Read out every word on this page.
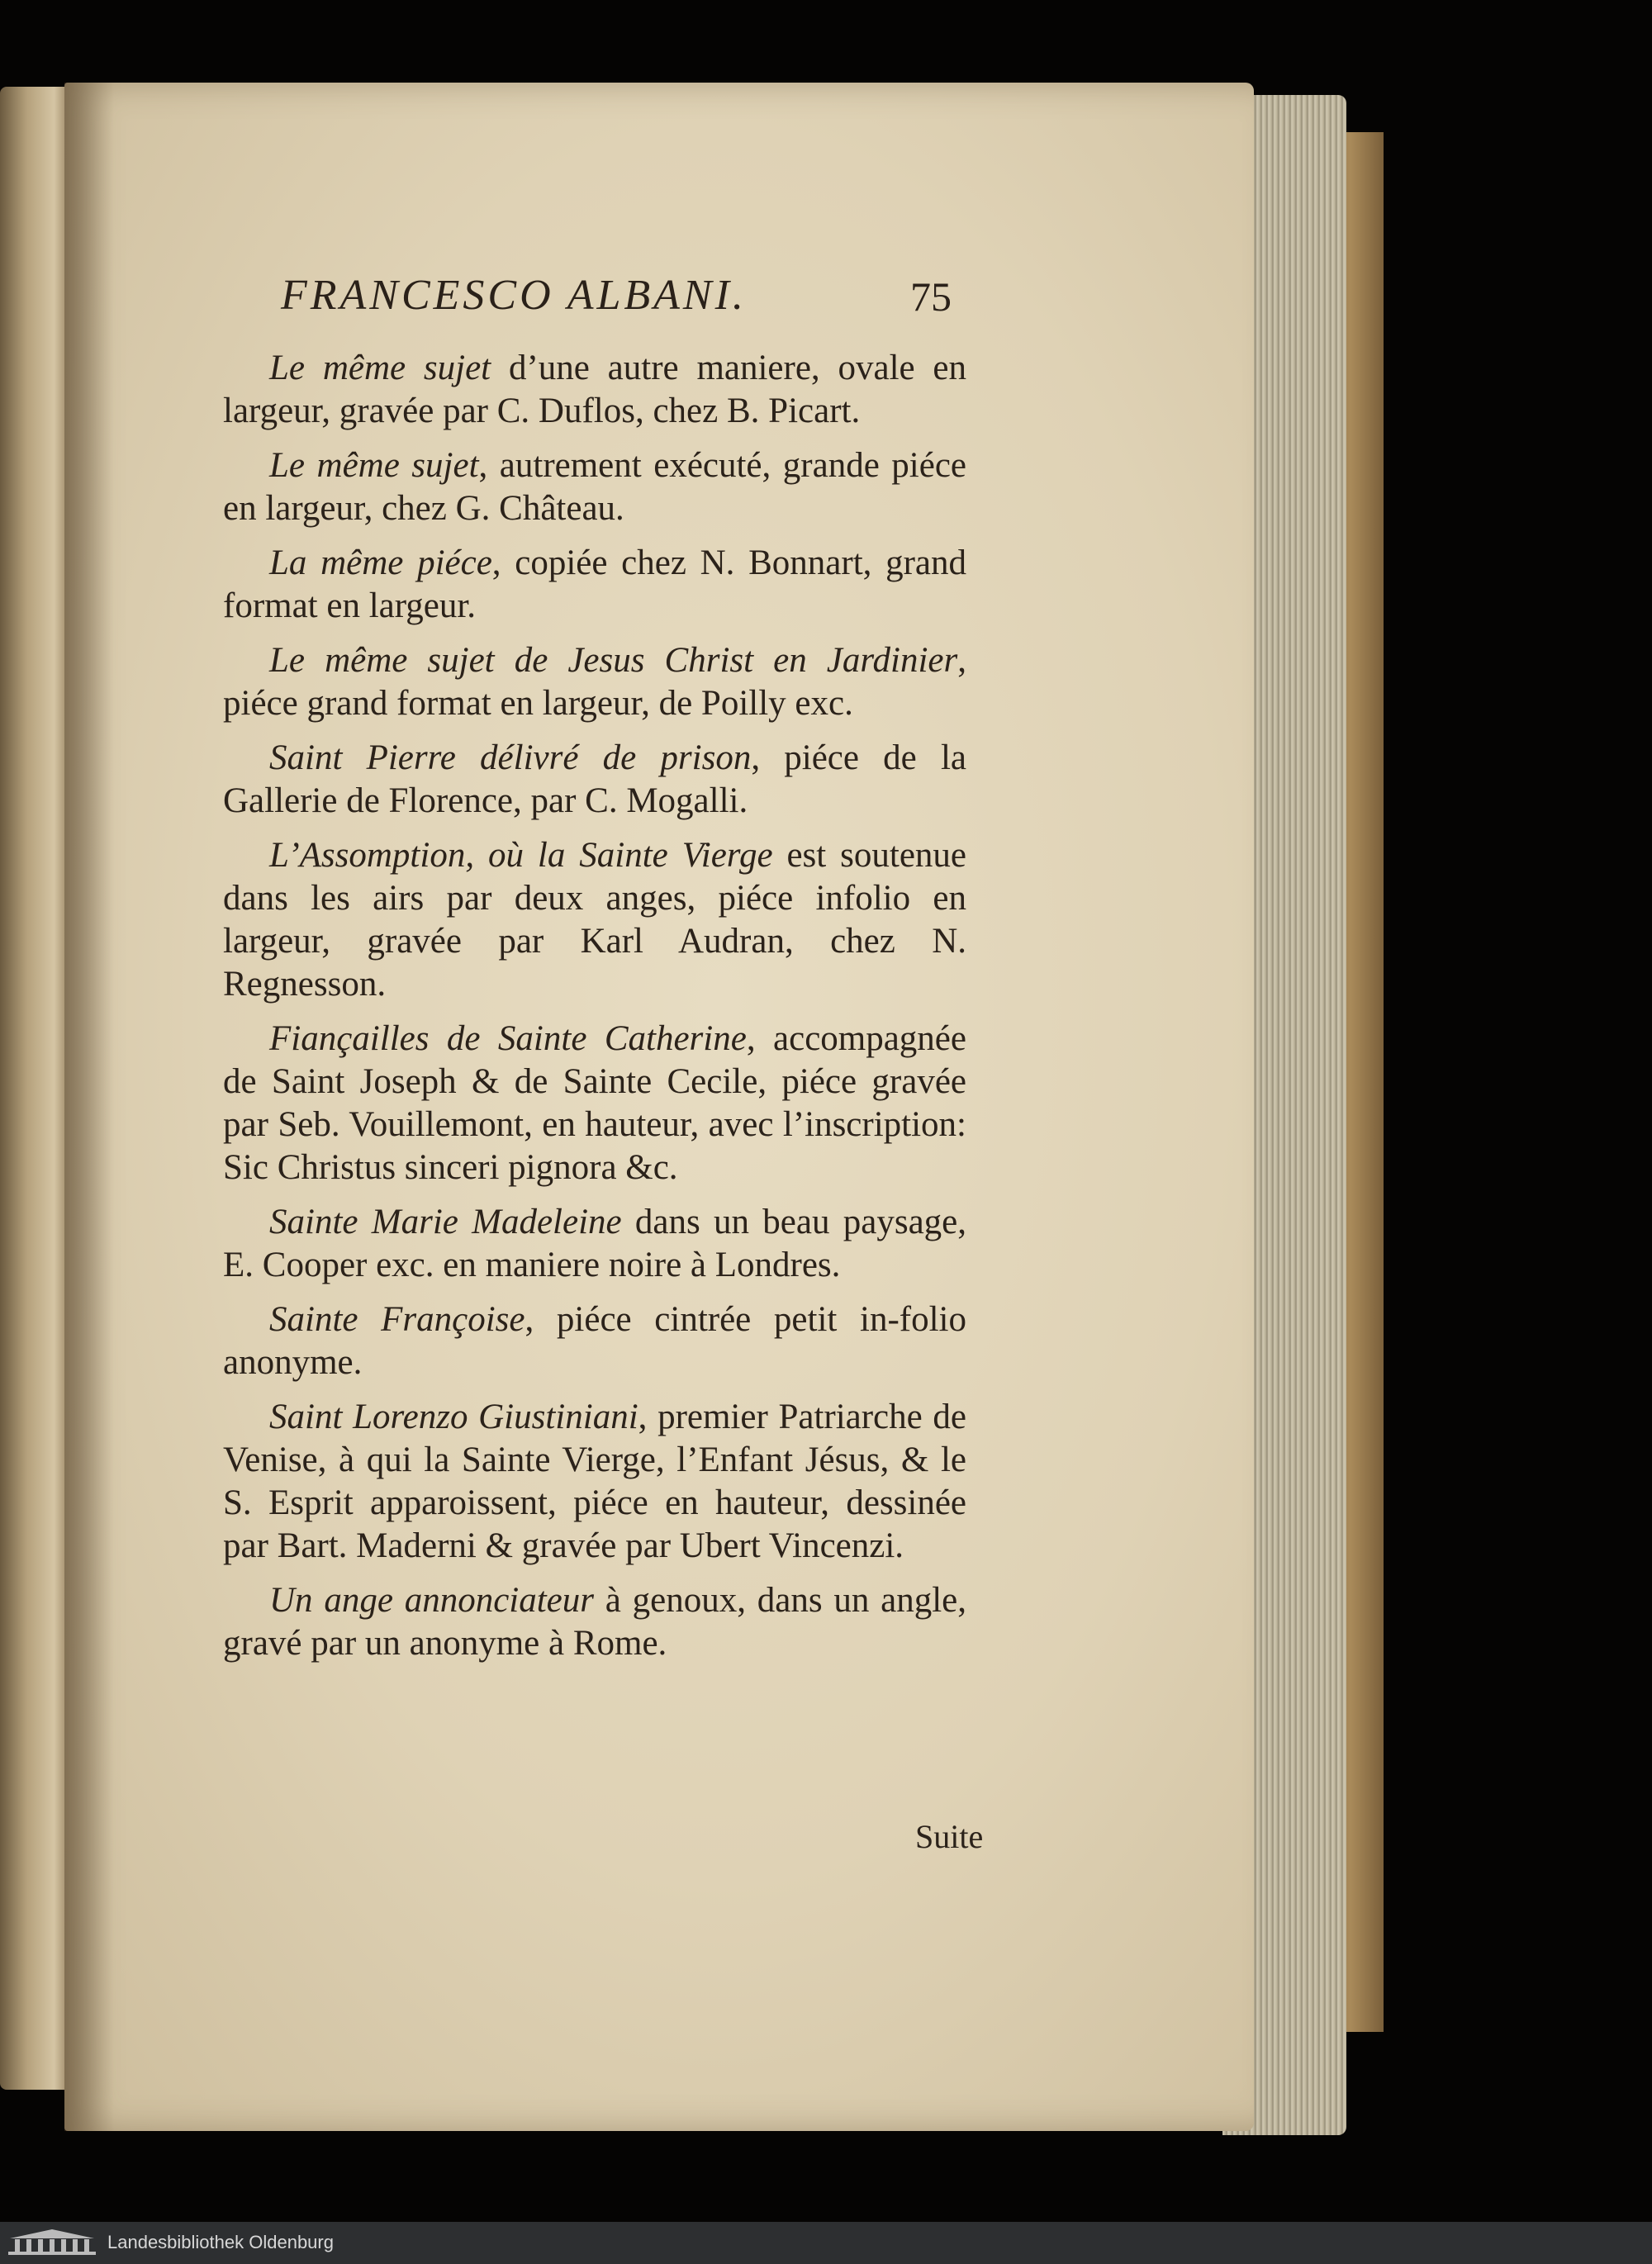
FRANCESCO ALBANI.	75

Le même sujet d’une autre maniere, ovale en largeur, gravée par C. Duflos, chez B. Picart.

Le même sujet, autrement exécuté, grande piéce en largeur, chez G. Château.

La même piéce, copiée chez N. Bonnart, grand format en largeur.

Le même sujet de Jesus Christ en Jardinier, piéce grand format en largeur, de Poilly exc.

Saint Pierre délivré de prison, piéce de la Gallerie de Florence, par C. Mogalli.

L’Assomption, où la Sainte Vierge est soutenue dans les airs par deux anges, piéce infolio en largeur, gravée par Karl Audran, chez N. Regnesson.

Fiançailles de Sainte Catherine, accompagnée de Saint Joseph & de Sainte Cecile, piéce gravée par Seb. Vouillemont, en hauteur, avec l’inscription: Sic Christus sinceri pignora &c.

Sainte Marie Madeleine dans un beau paysage, E. Cooper exc. en maniere noire à Londres.

Sainte Françoise, piéce cintrée petit in-folio anonyme.

Saint Lorenzo Giustiniani, premier Patriarche de Venise, à qui la Sainte Vierge, l’Enfant Jésus, & le S. Esprit apparoissent, piéce en hauteur, dessinée par Bart. Maderni & gravée par Ubert Vincenzi.

Un ange annonciateur à genoux, dans un angle, gravé par un anonyme à Rome.

Suite
Landesbibliothek Oldenburg
